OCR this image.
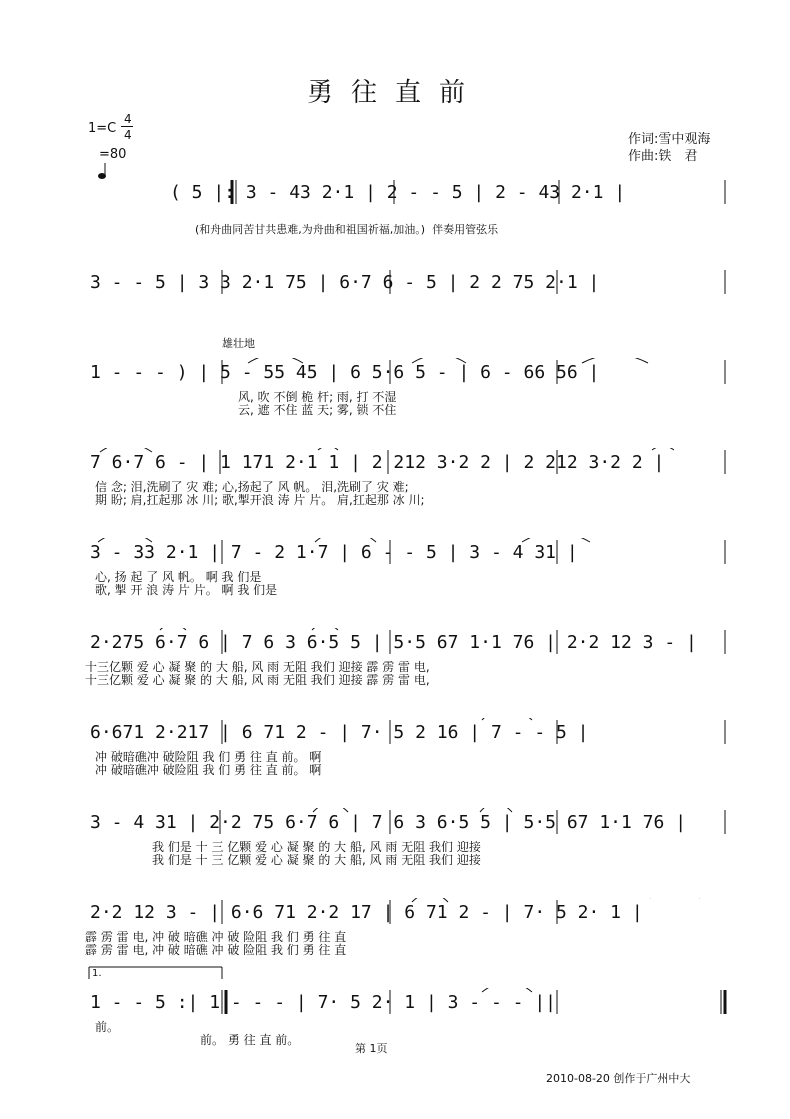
勇往直前
1=C
4
4

=80
作词:雪中观海
作曲:铁　君
(和舟曲同苦甘共患难,为舟曲和祖国祈福,加油。)  伴奏用管弦乐
雄壮地
( 5 |: 3 - 43 2·1 | 2 - - 5 | 2 - 43 2·1 |
3 - - 5 | 3 3 2·1 75 | 6·7 6 - 5 | 2 2 75 2·1 |
1 - - - ) | 5 - 55 45 | 6 5·6 5 - | 6 - 66 56 |
风, 吹 不倒 桅 杆; 雨, 打 不湿
云, 遮 不住 蓝 天; 雾, 锁 不住
7 6·7 6 - | 1 171 2·1 1 | 2 212 3·2 2 | 2 212 3·2 2 |
信 念; 泪,洗刷了 灾 难; 心,扬起了 风 帆。 泪,洗刷了 灾 难;
期 盼; 肩,扛起那 冰 川; 歌,掣开浪 涛 片 片。 肩,扛起那 冰 川;
3 - 33 2·1 | 7 - 2 1·7 | 6 - - 5 | 3 - 4 31 |
心, 扬 起 了 风 帆。 啊 我 们是
歌, 掣 开 浪 涛 片 片。 啊 我 们是
2·275 6·7 6 | 7 6 3 6·5 5 | 5·5 67 1·1 76 | 2·2 12 3 - |
十三亿颗 爱 心 凝 聚 的 大 船, 风 雨 无阻 我们 迎接 霹 雳 雷 电,
十三亿颗 爱 心 凝 聚 的 大 船, 风 雨 无阻 我们 迎接 霹 雳 雷 电,
6·671 2·217 | 6 71 2 - | 7· 5 2 16 | 7 - - 5 |
冲 破暗礁冲 破险阻 我 们 勇 往 直 前。 啊
冲 破暗礁冲 破险阻 我 们 勇 往 直 前。 啊
3 - 4 31 | 2·2 75 6·7 6 | 7 6 3 6·5 5 | 5·5 67 1·1 76 |
我 们是 十 三 亿颗 爱 心 凝 聚 的 大 船, 风 雨 无阻 我们 迎接
我 们是 十 三 亿颗 爱 心 凝 聚 的 大 船, 风 雨 无阻 我们 迎接
2·2 12 3 - | 6·6 71 2·2 17 | 6 71 2 - | 7· 5 2· 1 |
霹 雳 雷 电, 冲 破 暗礁 冲 破 险阻 我 们 勇 往 直
霹 雳 雷 电, 冲 破 暗礁 冲 破 险阻 我 们 勇 往 直
1.
1 - - 5 :| 1 - - - | 7· 5 2· 1 | 3 - - - ||
前。
前。 勇 往 直 前。
第 1页
2010-08-20 创作于广州中大
